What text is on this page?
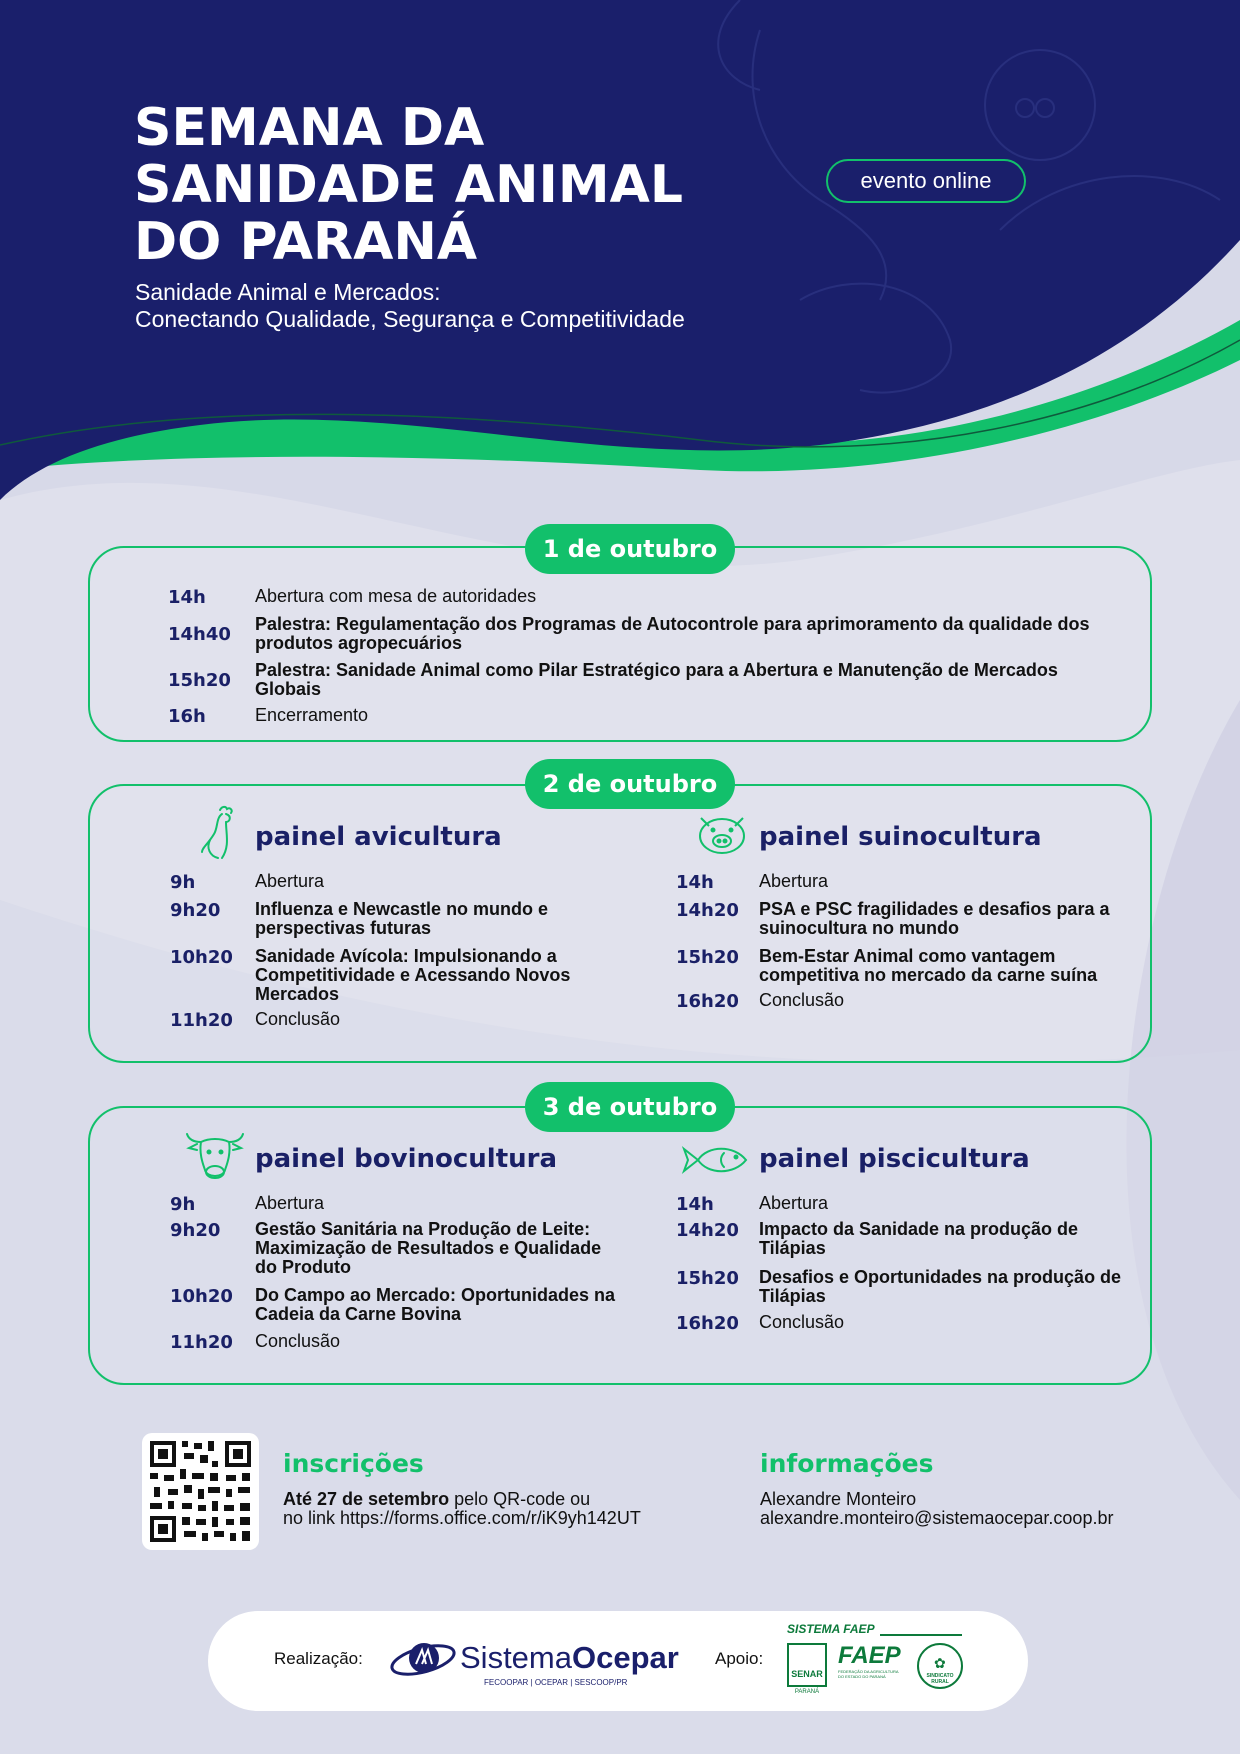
SEMANA DA
SANIDADE ANIMAL
DO PARANÁ
Sanidade Animal e Mercados:
Conectando Qualidade, Segurança e Competitividade
evento online
1 de outubro
14h	Abertura com mesa de autoridades
14h40	Palestra: Regulamentação dos Programas de Autocontrole para aprimoramento da qualidade dos produtos agropecuários
15h20	Palestra: Sanidade Animal como Pilar Estratégico para a Abertura e Manutenção de Mercados Globais
16h	Encerramento
2 de outubro
painel avicultura	painel suinocultura
9h	Abertura
9h20	Influenza e Newcastle no mundo e perspectivas futuras
10h20	Sanidade Avícola: Impulsionando a Competitividade e Acessando Novos Mercados
11h20	Conclusão
14h	Abertura
14h20	PSA e PSC fragilidades e desafios para a suinocultura no mundo
15h20	Bem-Estar Animal como vantagem competitiva no mercado da carne suína
16h20	Conclusão
3 de outubro
painel bovinocultura	painel piscicultura
9h	Abertura
9h20	Gestão Sanitária na Produção de Leite: Maximização de Resultados e Qualidade do Produto
10h20	Do Campo ao Mercado: Oportunidades na Cadeia da Carne Bovina
11h20	Conclusão
14h	Abertura
14h20	Impacto da Sanidade na produção de Tilápias
15h20	Desafios e Oportunidades na produção de Tilápias
16h20	Conclusão
inscrições
Até 27 de setembro pelo QR-code ou
no link https://forms.office.com/r/iK9yh142UT
informações
Alexandre Monteiro
alexandre.monteiro@sistemaocepar.coop.br
Realização:	SistemaOcepar
FECOOPAR | OCEPAR | SESCOOP/PR
Apoio:
SISTEMA FAEP
SENAR
PARANÁ
FAEP
FEDERAÇÃO DA AGRICULTURA DO ESTADO DO PARANÁ
✿
SINDICATO RURAL
